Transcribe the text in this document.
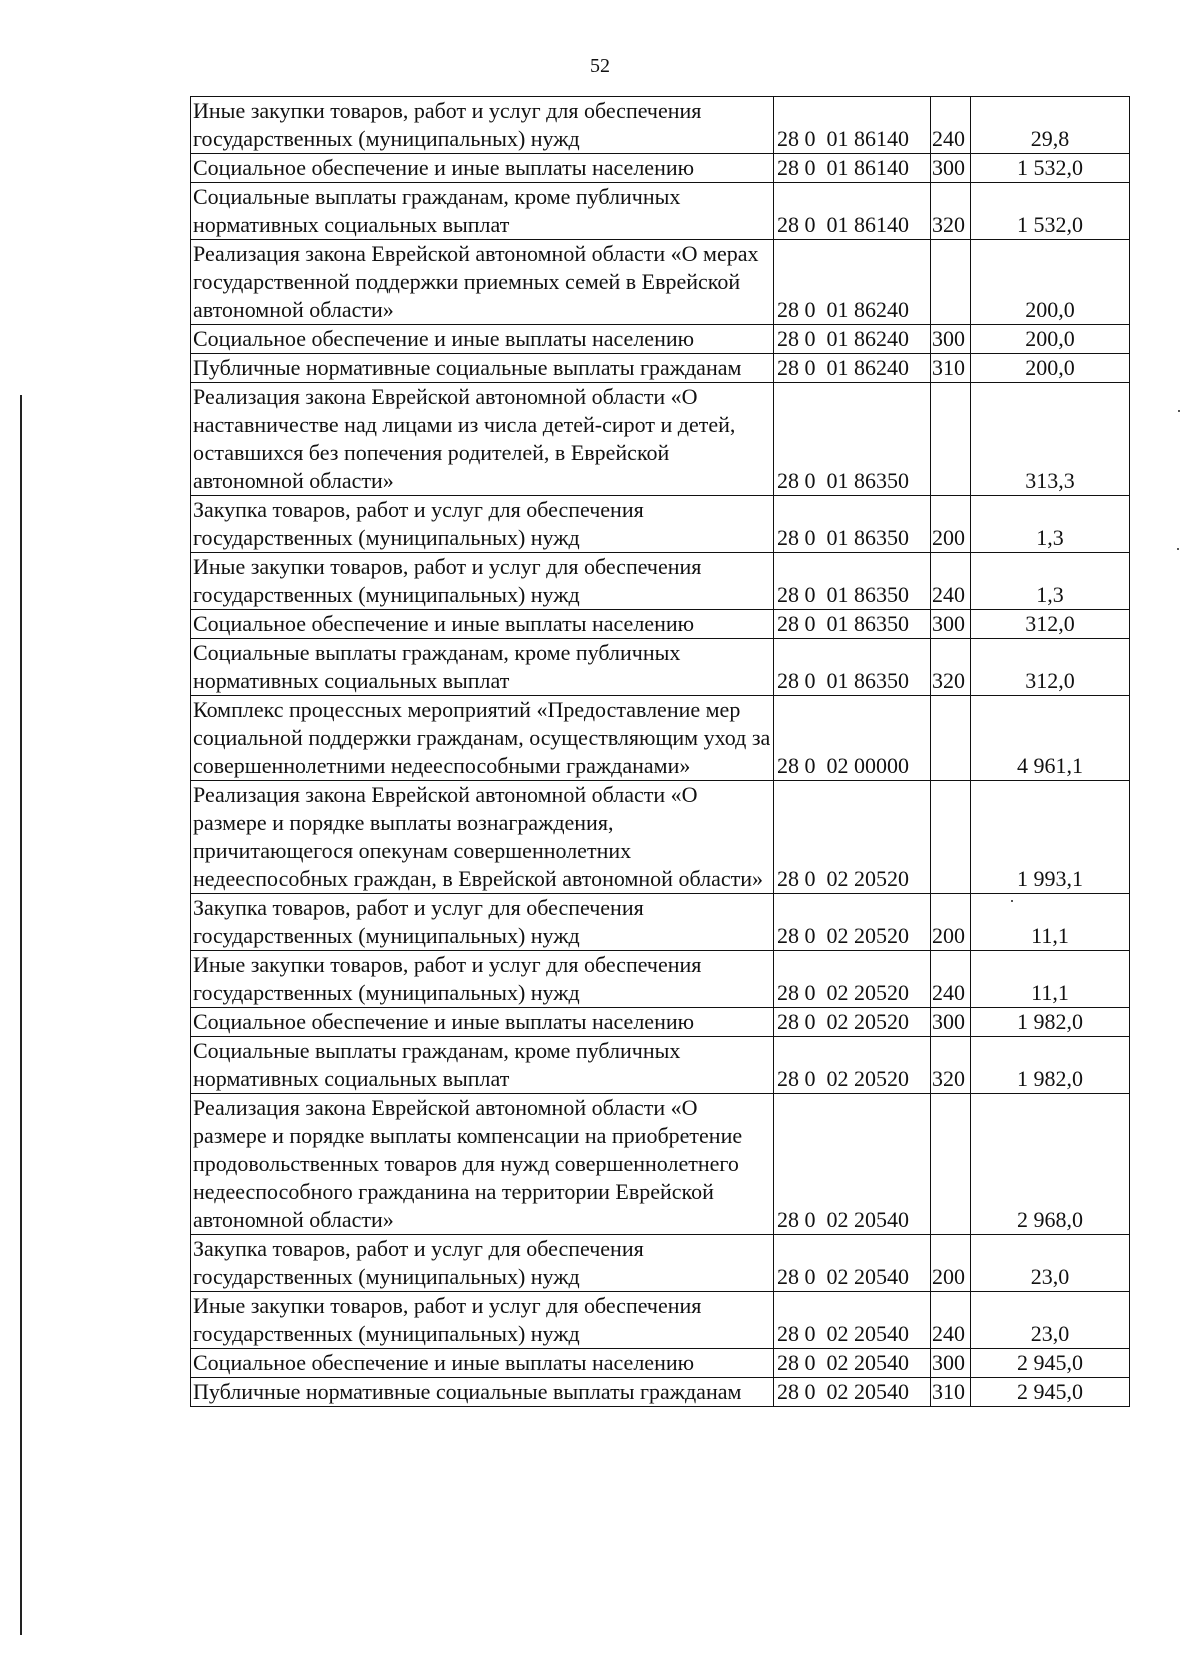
52
Иные закупки товаров, работ и услуг для обеспечения государственных (муниципальных) нужд	28 0  01 86140	240	29,8
Социальное обеспечение и иные выплаты населению	28 0  01 86140	300	1 532,0
Социальные выплаты гражданам, кроме публичных нормативных социальных выплат	28 0  01 86140	320	1 532,0
Реализация закона Еврейской автономной области «О мерах государственной поддержки приемных семей в Еврейской автономной области»	28 0  01 86240		200,0
Социальное обеспечение и иные выплаты населению	28 0  01 86240	300	200,0
Публичные нормативные социальные выплаты гражданам	28 0  01 86240	310	200,0
Реализация закона Еврейской автономной области «О наставничестве над лицами из числа детей-сирот и детей, оставшихся без попечения родителей, в Еврейской автономной области»	28 0  01 86350		313,3
Закупка товаров, работ и услуг для обеспечения государственных (муниципальных) нужд	28 0  01 86350	200	1,3
Иные закупки товаров, работ и услуг для обеспечения государственных (муниципальных) нужд	28 0  01 86350	240	1,3
Социальное обеспечение и иные выплаты населению	28 0  01 86350	300	312,0
Социальные выплаты гражданам, кроме публичных нормативных социальных выплат	28 0  01 86350	320	312,0
Комплекс процессных мероприятий «Предоставление мер социальной поддержки гражданам, осуществляющим уход за совершеннолетними недееспособными гражданами»	28 0  02 00000		4 961,1
Реализация закона Еврейской автономной области «О размере и порядке выплаты вознаграждения, причитающегося опекунам совершеннолетних недееспособных граждан, в Еврейской автономной области»	28 0  02 20520		1 993,1
Закупка товаров, работ и услуг для обеспечения государственных (муниципальных) нужд	28 0  02 20520	200	11,1
Иные закупки товаров, работ и услуг для обеспечения государственных (муниципальных) нужд	28 0  02 20520	240	11,1
Социальное обеспечение и иные выплаты населению	28 0  02 20520	300	1 982,0
Социальные выплаты гражданам, кроме публичных нормативных социальных выплат	28 0  02 20520	320	1 982,0
Реализация закона Еврейской автономной области «О размере и порядке выплаты компенсации на приобретение продовольственных товаров для нужд совершеннолетнего недееспособного гражданина на территории Еврейской автономной области»	28 0  02 20540		2 968,0
Закупка товаров, работ и услуг для обеспечения государственных (муниципальных) нужд	28 0  02 20540	200	23,0
Иные закупки товаров, работ и услуг для обеспечения государственных (муниципальных) нужд	28 0  02 20540	240	23,0
Социальное обеспечение и иные выплаты населению	28 0  02 20540	300	2 945,0
Публичные нормативные социальные выплаты гражданам	28 0  02 20540	310	2 945,0
